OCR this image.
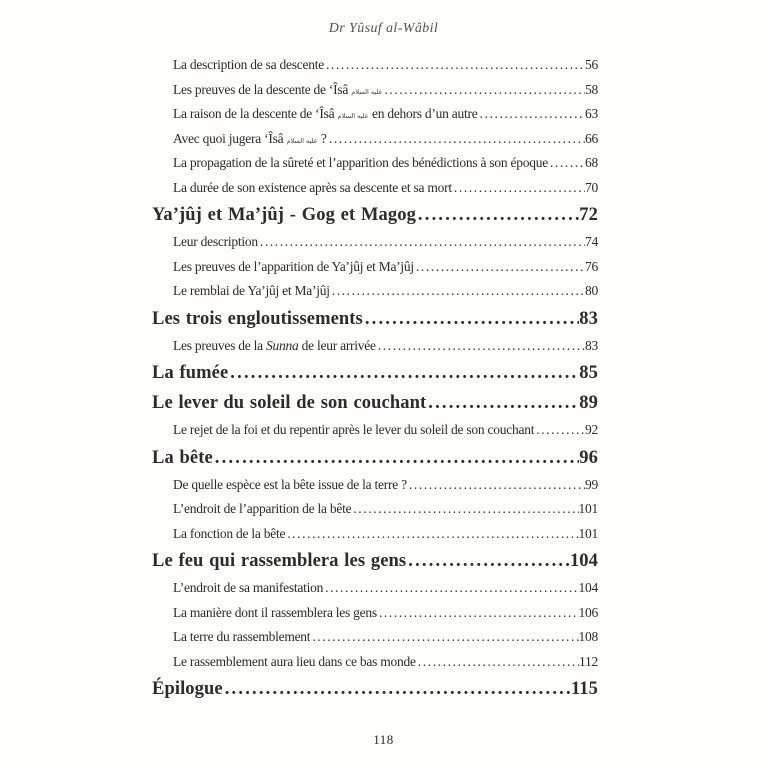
Dr Yûsuf al-Wâbil
La description de sa descente .....	56
Les preuves de la descente de ‘Îsâ عليه السلام .....	58
La raison de la descente de ‘Îsâ عليه السلام en dehors d’un autre .....	63
Avec quoi jugera ‘Îsâ عليه السلام ? .....	66
La propagation de la sûreté et l’apparition des bénédictions à son époque .....	68
La durée de son existence après sa descente et sa mort .....	70
Ya’jûj et Ma’jûj - Gog et Magog .....	72
Leur description .....	74
Les preuves de l’apparition de Ya’jûj et Ma’jûj .....	76
Le remblai de Ya’jûj et Ma’jûj .....	80
Les trois engloutissements .....	83
Les preuves de la Sunna de leur arrivée .....	83
La fumée .....	85
Le lever du soleil de son couchant .....	89
Le rejet de la foi et du repentir après le lever du soleil de son couchant .....	92
La bête .....	96
De quelle espèce est la bête issue de la terre ? .....	99
L’endroit de l’apparition de la bête .....	101
La fonction de la bête .....	101
Le feu qui rassemblera les gens .....	104
L’endroit de sa manifestation .....	104
La manière dont il rassemblera les gens .....	106
La terre du rassemblement .....	108
Le rassemblement aura lieu dans ce bas monde .....	112
Épilogue .....	115
118
